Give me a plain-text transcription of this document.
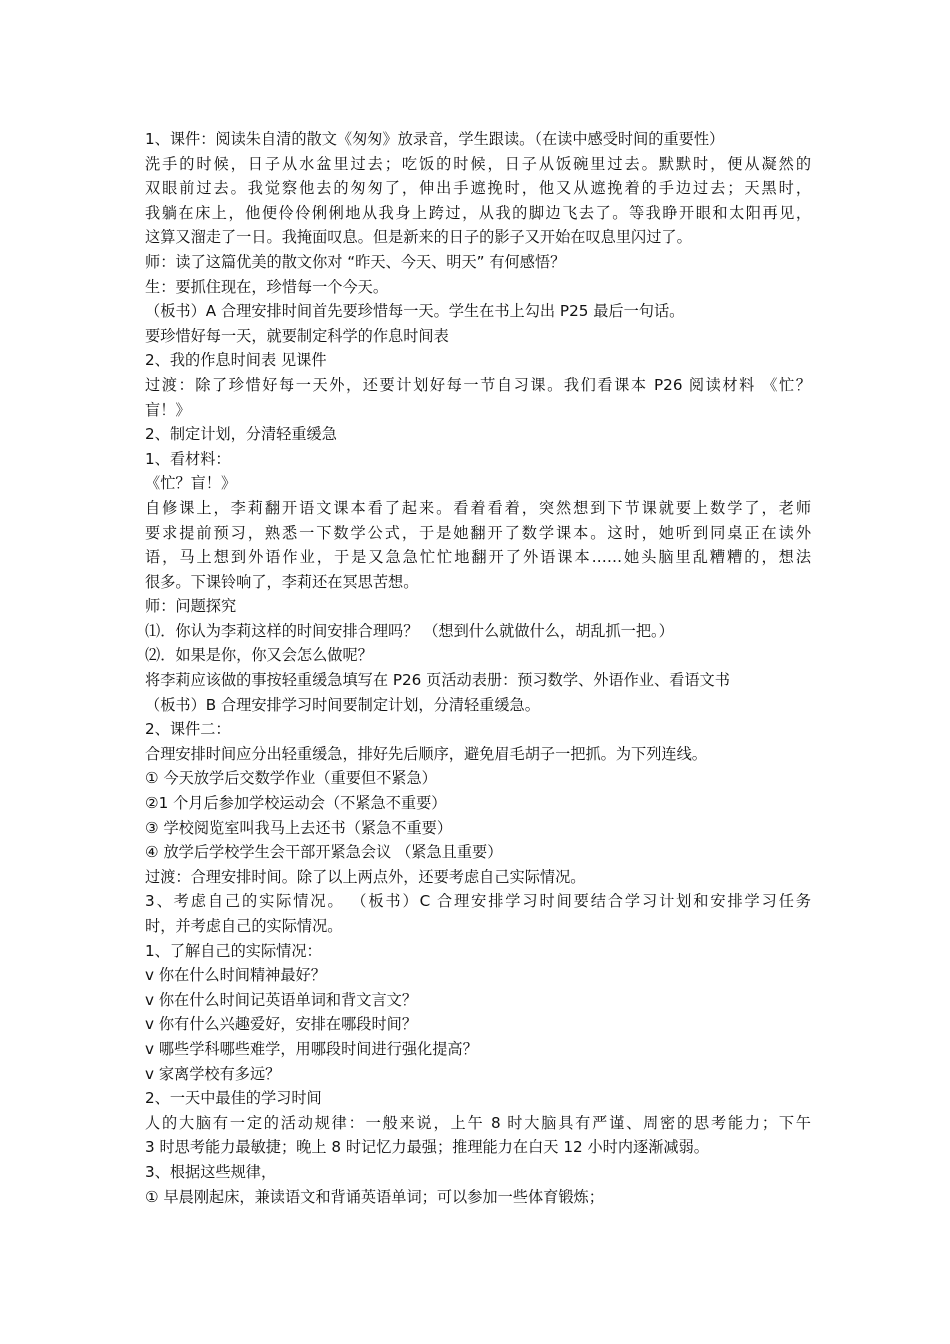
1、课件：阅读朱自清的散文《匆匆》放录音，学生跟读。（在读中感受时间的重要性）
洗手的时候，日子从水盆里过去；吃饭的时候，日子从饭碗里过去。默默时，便从凝然的
双眼前过去。我觉察他去的匆匆了，伸出手遮挽时，他又从遮挽着的手边过去；天黑时，
我躺在床上，他便伶伶俐俐地从我身上跨过，从我的脚边飞去了。等我睁开眼和太阳再见，
这算又溜走了一日。我掩面叹息。但是新来的日子的影子又开始在叹息里闪过了。
师：读了这篇优美的散文你对 “昨天、今天、明天” 有何感悟？
生：要抓住现在，珍惜每一个今天。
（板书）A 合理安排时间首先要珍惜每一天。学生在书上勾出 P25 最后一句话。
要珍惜好每一天，就要制定科学的作息时间表
2、我的作息时间表 见课件
过渡：除了珍惜好每一天外，还要计划好每一节自习课。我们看课本 P26 阅读材料 《忙？
盲！》
2、制定计划，分清轻重缓急
1、看材料：
《忙？盲！》
自修课上，李莉翻开语文课本看了起来。看着看着，突然想到下节课就要上数学了，老师
要求提前预习，熟悉一下数学公式，于是她翻开了数学课本。这时，她听到同桌正在读外
语，马上想到外语作业，于是又急急忙忙地翻开了外语课本……她头脑里乱糟糟的，想法
很多。下课铃响了，李莉还在冥思苦想。
师：问题探究
⑴．你认为李莉这样的时间安排合理吗？ （想到什么就做什么，胡乱抓一把。）
⑵．如果是你，你又会怎么做呢？
将李莉应该做的事按轻重缓急填写在 P26 页活动表册：预习数学、外语作业、看语文书
（板书）B 合理安排学习时间要制定计划，分清轻重缓急。
2、课件二：
合理安排时间应分出轻重缓急，排好先后顺序，避免眉毛胡子一把抓。为下列连线。
① 今天放学后交数学作业（重要但不紧急）
②1 个月后参加学校运动会（不紧急不重要）
③ 学校阅览室叫我马上去还书（紧急不重要）
④ 放学后学校学生会干部开紧急会议 （紧急且重要）
过渡：合理安排时间。除了以上两点外，还要考虑自己实际情况。
3、考虑自己的实际情况。 （板书）C 合理安排学习时间要结合学习计划和安排学习任务
时，并考虑自己的实际情况。
1、了解自己的实际情况：
v 你在什么时间精神最好？
v 你在什么时间记英语单词和背文言文？
v 你有什么兴趣爱好，安排在哪段时间？
v 哪些学科哪些难学，用哪段时间进行强化提高？
v 家离学校有多远？
2、一天中最佳的学习时间
人的大脑有一定的活动规律：一般来说，上午 8 时大脑具有严谨、周密的思考能力；下午
3 时思考能力最敏捷；晚上 8 时记忆力最强；推理能力在白天 12 小时内逐渐减弱。
3、根据这些规律，
① 早晨刚起床，兼读语文和背诵英语单词；可以参加一些体育锻炼；
